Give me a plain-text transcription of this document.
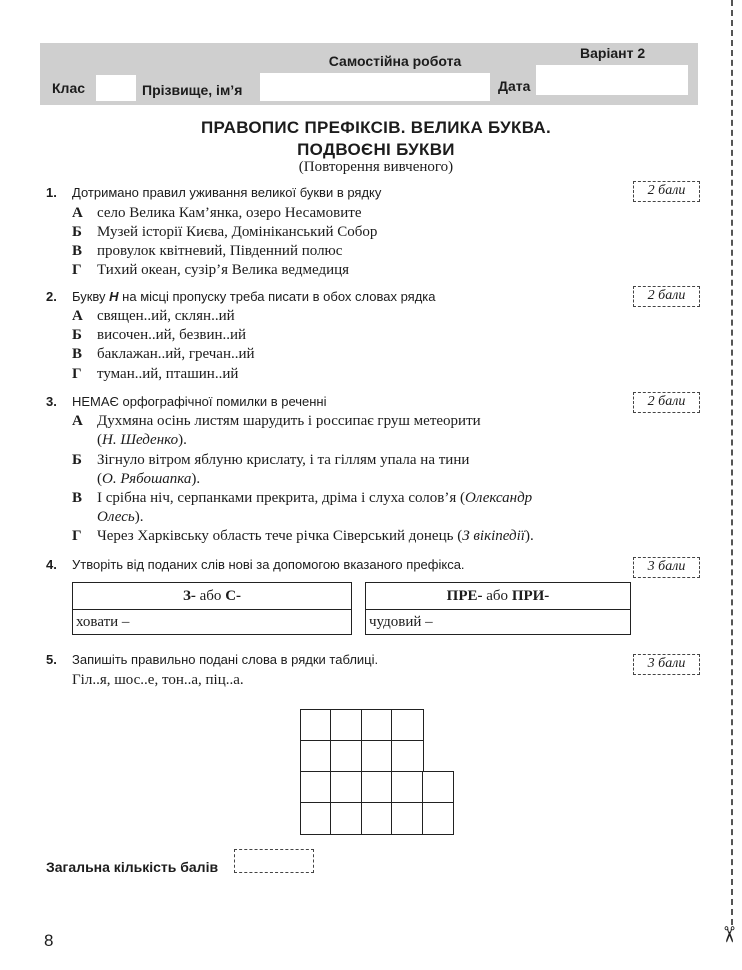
✂
Самостійна робота	Варіант 2
Клас	Прізвище, ім’я	Дата
ПРАВОПИС ПРЕФІКСІВ. ВЕЛИКА БУКВА.
ПОДВОЄНІ БУКВИ
(Повторення вивченого)
1. Дотримано правил уживання великої букви в рядку	2 бали
А село Велика Кам’янка, озеро Несамовите
Б	Музей історії Києва, Домініканський Собор
В провулок квітневий, Південний полюс
Г	Тихий океан, сузір’я Велика ведмедиця
2. Букву Н на місці пропуску треба писати в обох словах рядка	2 бали
А священ..ий, склян..ий
Б	височен..ий, безвин..ий
В баклажан..ий, гречан..ий
Г	туман..ий, пташин..ий
3. НЕМАЄ орфографічної помилки в реченні	2 бали
А Духмяна осінь листям шарудить і россипає груш метеорити
(Н. Шеденко).
Б	Зігнуло вітром яблуню крислату, і та гіллям упала на тини
(О. Рябошапка).
В І срібна ніч, серпанками прекрита, дріма і слуха солов’я (Олександр
Олесь).
Г	Через Харківську область тече річка Сіверський донець (З вікіпедії).
4. Утворіть від поданих слів нові за допомогою вказаного префікса.	3 бали
З- або С-
ховати –
ПРЕ- або ПРИ-
чудовий –
5. Запишіть правильно подані слова в рядки таблиці.	3 бали
Гіл..я, шос..е, тон..а, піц..а.
Загальна кількість балів
8
